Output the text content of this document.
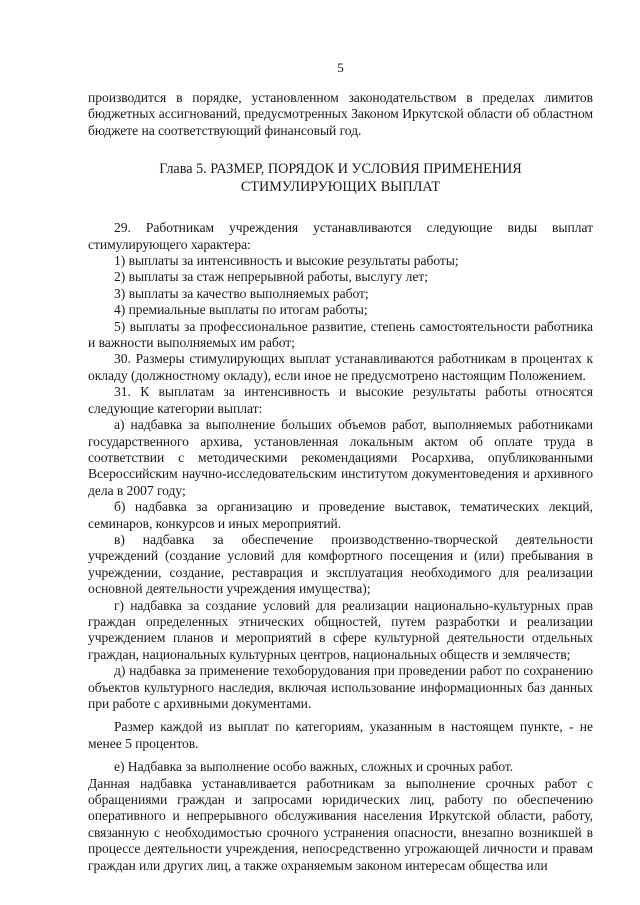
5

производится в порядке, установленном законодательством в пределах лимитов бюджетных ассигнований, предусмотренных Законом Иркутской области об областном бюджете на соответствующий финансовый год.

Глава 5. РАЗМЕР, ПОРЯДОК И УСЛОВИЯ ПРИМЕНЕНИЯ
СТИМУЛИРУЮЩИХ ВЫПЛАТ

29. Работникам учреждения устанавливаются следующие виды выплат стимулирующего характера:

1) выплаты за интенсивность и высокие результаты работы;

2) выплаты за стаж непрерывной работы, выслугу лет;

3) выплаты за качество выполняемых работ;

4) премиальные выплаты по итогам работы;

5) выплаты за профессиональное развитие, степень самостоятельности работника и важности выполняемых им работ;

30. Размеры стимулирующих выплат устанавливаются работникам в процентах к окладу (должностному окладу), если иное не предусмотрено настоящим Положением.

31. К выплатам за интенсивность и высокие результаты работы относятся следующие категории выплат:

а) надбавка за выполнение больших объемов работ, выполняемых работниками государственного архива, установленная локальным актом об оплате труда в соответствии с методическими рекомендациями Росархива, опубликованными Всероссийским научно-исследовательским институтом документоведения и архивного дела в 2007 году;

б) надбавка за организацию и проведение выставок, тематических лекций, семинаров, конкурсов и иных мероприятий.

в) надбавка за обеспечение производственно-творческой деятельности учреждений (создание условий для комфортного посещения и (или) пребывания в учреждении, создание, реставрация и эксплуатация необходимого для реализации основной деятельности учреждения имущества);

г) надбавка за создание условий для реализации национально-культурных прав граждан определенных этнических общностей, путем разработки и реализации учреждением планов и мероприятий в сфере культурной деятельности отдельных граждан, национальных культурных центров, национальных обществ и землячеств;

д) надбавка за применение техоборудования при проведении работ по сохранению объектов культурного наследия, включая использование информационных баз данных при работе с архивными документами.

Размер каждой из выплат по категориям, указанным в настоящем пункте, - не менее 5 процентов.

е) Надбавка за выполнение особо важных, сложных и срочных работ.

Данная надбавка устанавливается работникам за выполнение срочных работ с обращениями граждан и запросами юридических лиц, работу по обеспечению оперативного и непрерывного обслуживания населения Иркутской области, работу, связанную с необходимостью срочного устранения опасности, внезапно возникшей в процессе деятельности учреждения, непосредственно угрожающей личности и правам граждан или других лиц, а также охраняемым законом интересам общества или
